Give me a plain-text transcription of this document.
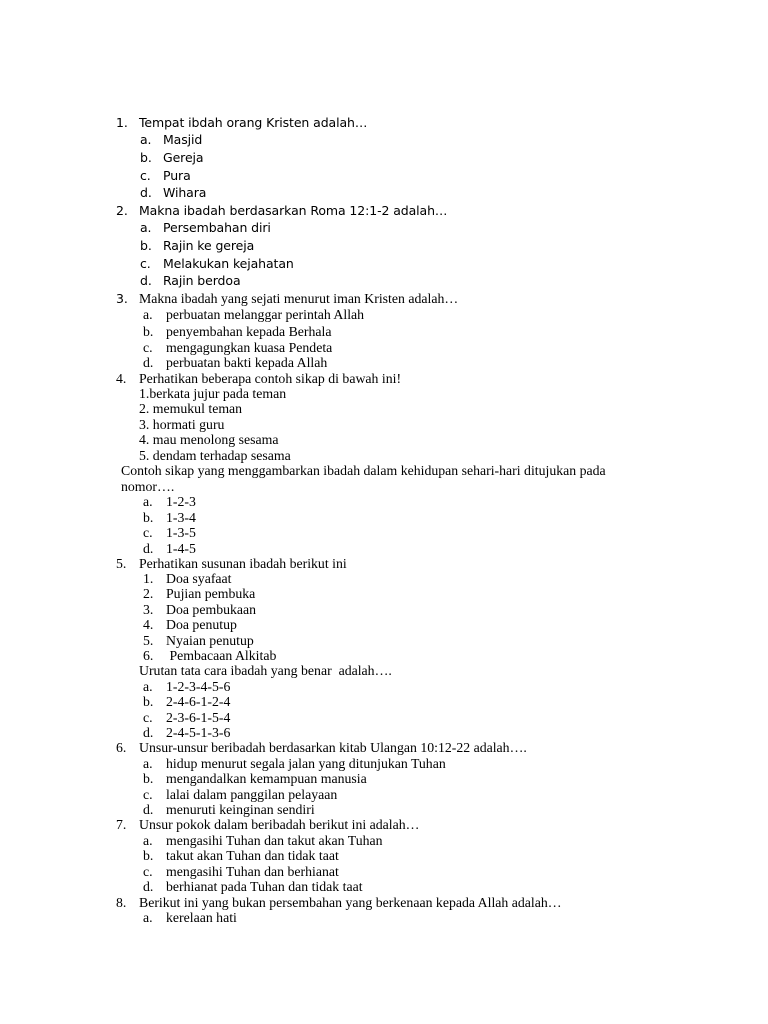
1. Tempat ibdah orang Kristen adalah…
a. Masjid
b. Gereja
c. Pura
d. Wihara
2. Makna ibadah berdasarkan Roma 12:1-2 adalah…
a. Persembahan diri
b. Rajin ke gereja
c. Melakukan kejahatan
d. Rajin berdoa
3. Makna ibadah yang sejati menurut iman Kristen adalah…
a. perbuatan melanggar perintah Allah
b. penyembahan kepada Berhala
c. mengagungkan kuasa Pendeta
d. perbuatan bakti kepada Allah
4. Perhatikan beberapa contoh sikap di bawah ini!
1.berkata jujur pada teman
2. memukul teman
3. hormati guru
4. mau menolong sesama
5. dendam terhadap sesama
Contoh sikap yang menggambarkan ibadah dalam kehidupan sehari-hari ditujukan pada
nomor….
a. 1-2-3
b. 1-3-4
c. 1-3-5
d. 1-4-5
5. Perhatikan susunan ibadah berikut ini
1. Doa syafaat
2. Pujian pembuka
3. Doa pembukaan
4. Doa penutup
5. Nyaian penutup
6. Pembacaan Alkitab
Urutan tata cara ibadah yang benar  adalah….
a. 1-2-3-4-5-6
b. 2-4-6-1-2-4
c. 2-3-6-1-5-4
d. 2-4-5-1-3-6
6. Unsur-unsur beribadah berdasarkan kitab Ulangan 10:12-22 adalah….
a. hidup menurut segala jalan yang ditunjukan Tuhan
b. mengandalkan kemampuan manusia
c. lalai dalam panggilan pelayaan
d. menuruti keinginan sendiri
7. Unsur pokok dalam beribadah berikut ini adalah…
a. mengasihi Tuhan dan takut akan Tuhan
b. takut akan Tuhan dan tidak taat
c. mengasihi Tuhan dan berhianat
d. berhianat pada Tuhan dan tidak taat
8. Berikut ini yang bukan persembahan yang berkenaan kepada Allah adalah…
a. kerelaan hati
